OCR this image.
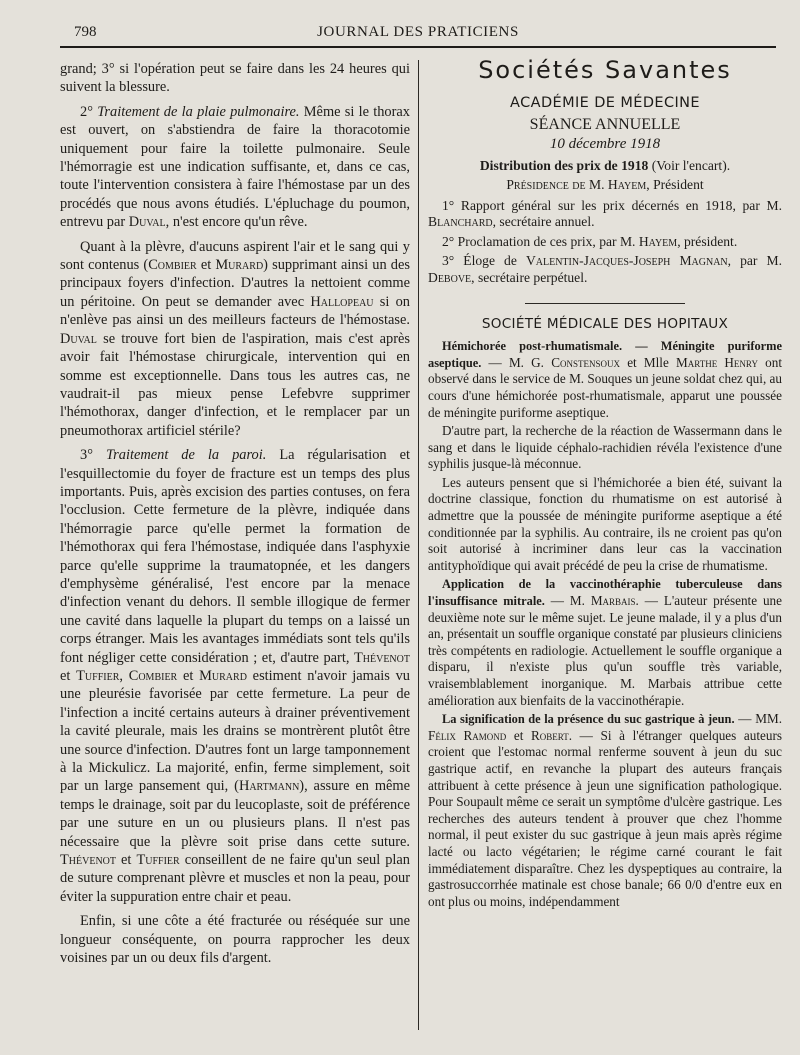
798	JOURNAL DES PRATICIENS

grand; 3° si l'opération peut se faire dans les 24 heures qui suivent la blessure.

2° Traitement de la plaie pulmonaire. Même si le thorax est ouvert, on s'abstiendra de faire la thoracotomie uniquement pour faire la toilette pulmonaire. Seule l'hémorragie est une indication suffisante, et, dans ce cas, toute l'intervention consistera à faire l'hémostase par un des procédés que nous avons étudiés. L'épluchage du poumon, entrevu par Duval, n'est encore qu'un rêve.

Quant à la plèvre, d'aucuns aspirent l'air et le sang qui y sont contenus (Combier et Murard) supprimant ainsi un des principaux foyers d'infection. D'autres la nettoient comme un péritoine. On peut se demander avec Hallopeau si on n'enlève pas ainsi un des meilleurs facteurs de l'hémostase. Duval se trouve fort bien de l'aspiration, mais c'est après avoir fait l'hémostase chirurgicale, intervention qui en somme est exceptionnelle. Dans tous les autres cas, ne vaudrait-il pas mieux pense Lefebvre supprimer l'hémothorax, danger d'infection, et le remplacer par un pneumothorax artificiel stérile?

3° Traitement de la paroi. La régularisation et l'esquillectomie du foyer de fracture est un temps des plus importants. Puis, après excision des parties contuses, on fera l'occlusion. Cette fermeture de la plèvre, indiquée dans l'hémorragie parce qu'elle permet la formation de l'hémothorax qui fera l'hémostase, indiquée dans l'asphyxie parce qu'elle supprime la traumatopnée, et les dangers d'emphysème généralisé, l'est encore par la menace d'infection venant du dehors. Il semble illogique de fermer une cavité dans laquelle la plupart du temps on a laissé un corps étranger. Mais les avantages immédiats sont tels qu'ils font négliger cette considération ; et, d'autre part, Thévenot et Tuffier, Combier et Murard estiment n'avoir jamais vu une pleurésie favorisée par cette fermeture. La peur de l'infection a incité certains auteurs à drainer préventivement la cavité pleurale, mais les drains se montrèrent plutôt être une source d'infection. D'autres font un large tamponnement à la Mickulicz. La majorité, enfin, ferme simplement, soit par un large pansement qui, (Hartmann), assure en même temps le drainage, soit par du leucoplaste, soit de préférence par une suture en un ou plusieurs plans. Il n'est pas nécessaire que la plèvre soit prise dans cette suture. Thévenot et Tuffier conseillent de ne faire qu'un seul plan de suture comprenant plèvre et muscles et non la peau, pour éviter la suppuration entre chair et peau.

Enfin, si une côte a été fracturée ou réséquée sur une longueur conséquente, on pourra rapprocher les deux voisines par un ou deux fils d'argent.

Sociétés Savantes
ACADÉMIE DE MÉDECINE
SÉANCE ANNUELLE
10 décembre 1918
Distribution des prix de 1918 (Voir l'encart).
Présidence de M. Hayem, Président

1° Rapport général sur les prix décernés en 1918, par M. Blanchard, secrétaire annuel.

2° Proclamation de ces prix, par M. Hayem, président.

3° Éloge de Valentin-Jacques-Joseph Magnan, par M. Debove, secrétaire perpétuel.

SOCIÉTÉ MÉDICALE DES HOPITAUX

Hémichorée post-rhumatismale. — Méningite puriforme aseptique. — M. G. Constensoux et Mlle Marthe Henry ont observé dans le service de M. Souques un jeune soldat chez qui, au cours d'une hémichorée post-rhumatismale, apparut une poussée de méningite puriforme aseptique.

D'autre part, la recherche de la réaction de Wassermann dans le sang et dans le liquide céphalo-rachidien révéla l'existence d'une syphilis jusque-là méconnue.

Les auteurs pensent que si l'hémichorée a bien été, suivant la doctrine classique, fonction du rhumatisme on est autorisé à admettre que la poussée de méningite puriforme aseptique a été conditionnée par la syphilis. Au contraire, ils ne croient pas qu'on soit autorisé à incriminer dans leur cas la vaccination antityphoïdique qui avait précédé de peu la crise de rhumatisme.

Application de la vaccinothéraphie tuberculeuse dans l'insuffisance mitrale. — M. Marbais. — L'auteur présente une deuxième note sur le même sujet. Le jeune malade, il y a plus d'un an, présentait un souffle organique constaté par plusieurs cliniciens très compétents en radiologie. Actuellement le souffle organique a disparu, il n'existe plus qu'un souffle très variable, vraisemblablement inorganique. M. Marbais attribue cette amélioration aux bienfaits de la vaccinothérapie.

La signification de la présence du suc gastrique à jeun. — MM. Félix Ramond et Robert. — Si à l'étranger quelques auteurs croient que l'estomac normal renferme souvent à jeun du suc gastrique actif, en revanche la plupart des auteurs français attribuent à cette présence à jeun une signification pathologique. Pour Soupault même ce serait un symptôme d'ulcère gastrique. Les recherches des auteurs tendent à prouver que chez l'homme normal, il peut exister du suc gastrique à jeun mais après régime lacté ou lacto végétarien; le régime carné courant le fait immédiatement disparaître. Chez les dyspeptiques au contraire, la gastrosuccorrhée matinale est chose banale; 66 0/0 d'entre eux en ont plus ou moins, indépendamment
